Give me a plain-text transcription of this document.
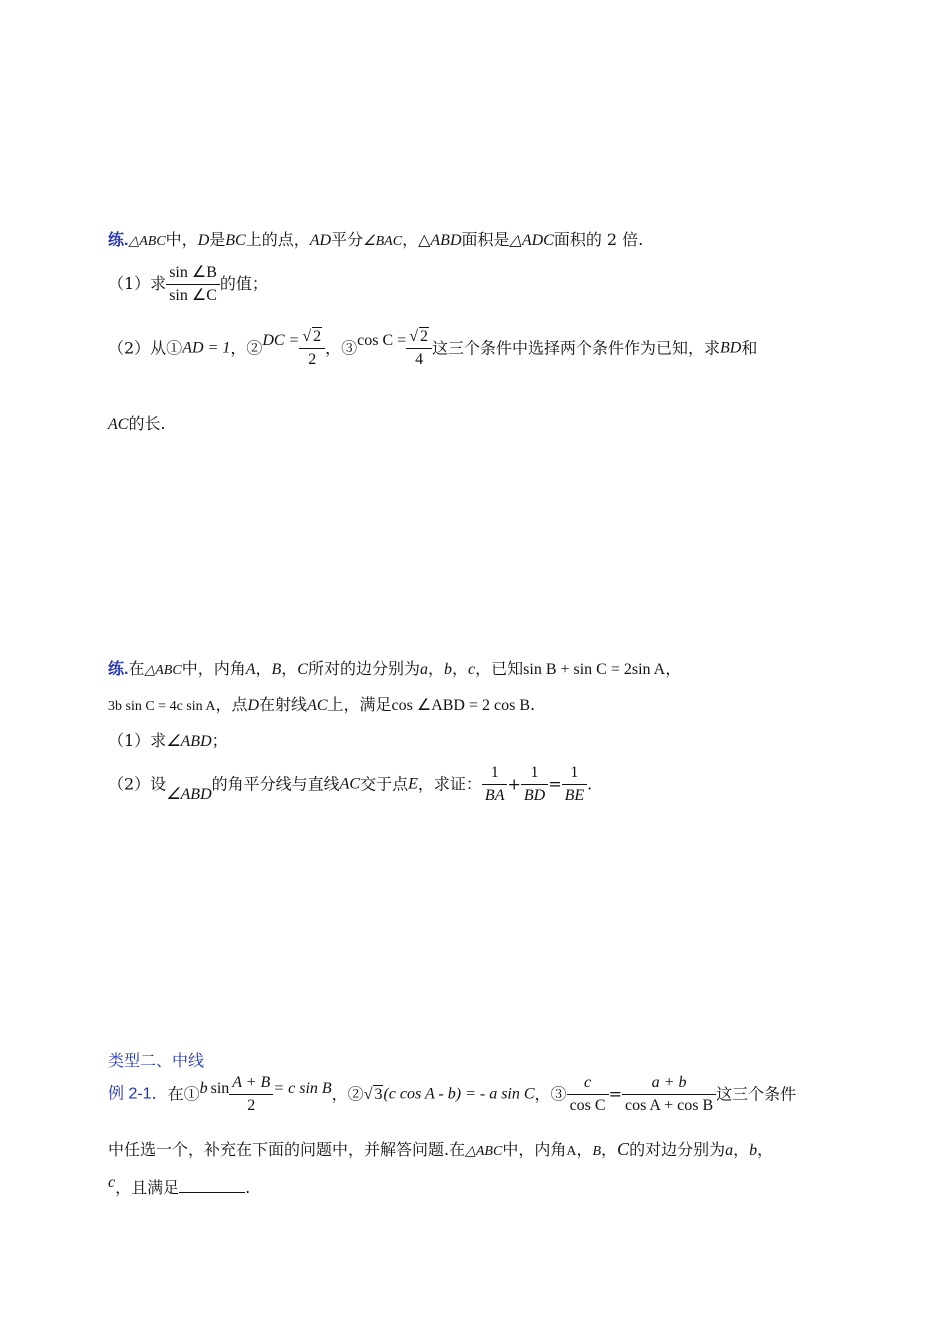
练.△ABC中，D是BC上的点，AD平分∠BAC，△ABD面积是△ADC面积的 2 倍.
（1）求 $\frac{\sin \angle B}{\sin \angle C}$ 的值；
（2）从①AD = 1，②DC = $\frac{√ 2}{2}$ ，③cos $C = \frac{√ 2}{4}$ 这三个条件中选择两个条件作为已知，求BD和
AC的长.
练.在△ABC中，内角A，B，C所对的边分别为a，b，c，已知sin B + sin C = 2sin A，
3b sin C = 4c sin A，点D在射线AC上，满足cos ∠ABD = 2 cos B.
（1）求∠ABD；
（2）设∠ABD的角平分线与直线AC交于点E，求证： $\frac{1}{BA} + \frac{1}{BD} = \frac{1}{BE}$ .
类型二、中线
例 2-1．在①b $\sin \frac{A + B}{2} = c$ sin B，②√ 3(c cos A - b) = - a sin C，③ $\frac{c}{\text{cos C}} = \frac{a + b}{\text{cos A + cos B}}$ 这三个条件
中任选一个，补充在下面的问题中，并解答问题.在△ABC中，内角A，B，C的对边分别为a，b，
c，且满足	.
